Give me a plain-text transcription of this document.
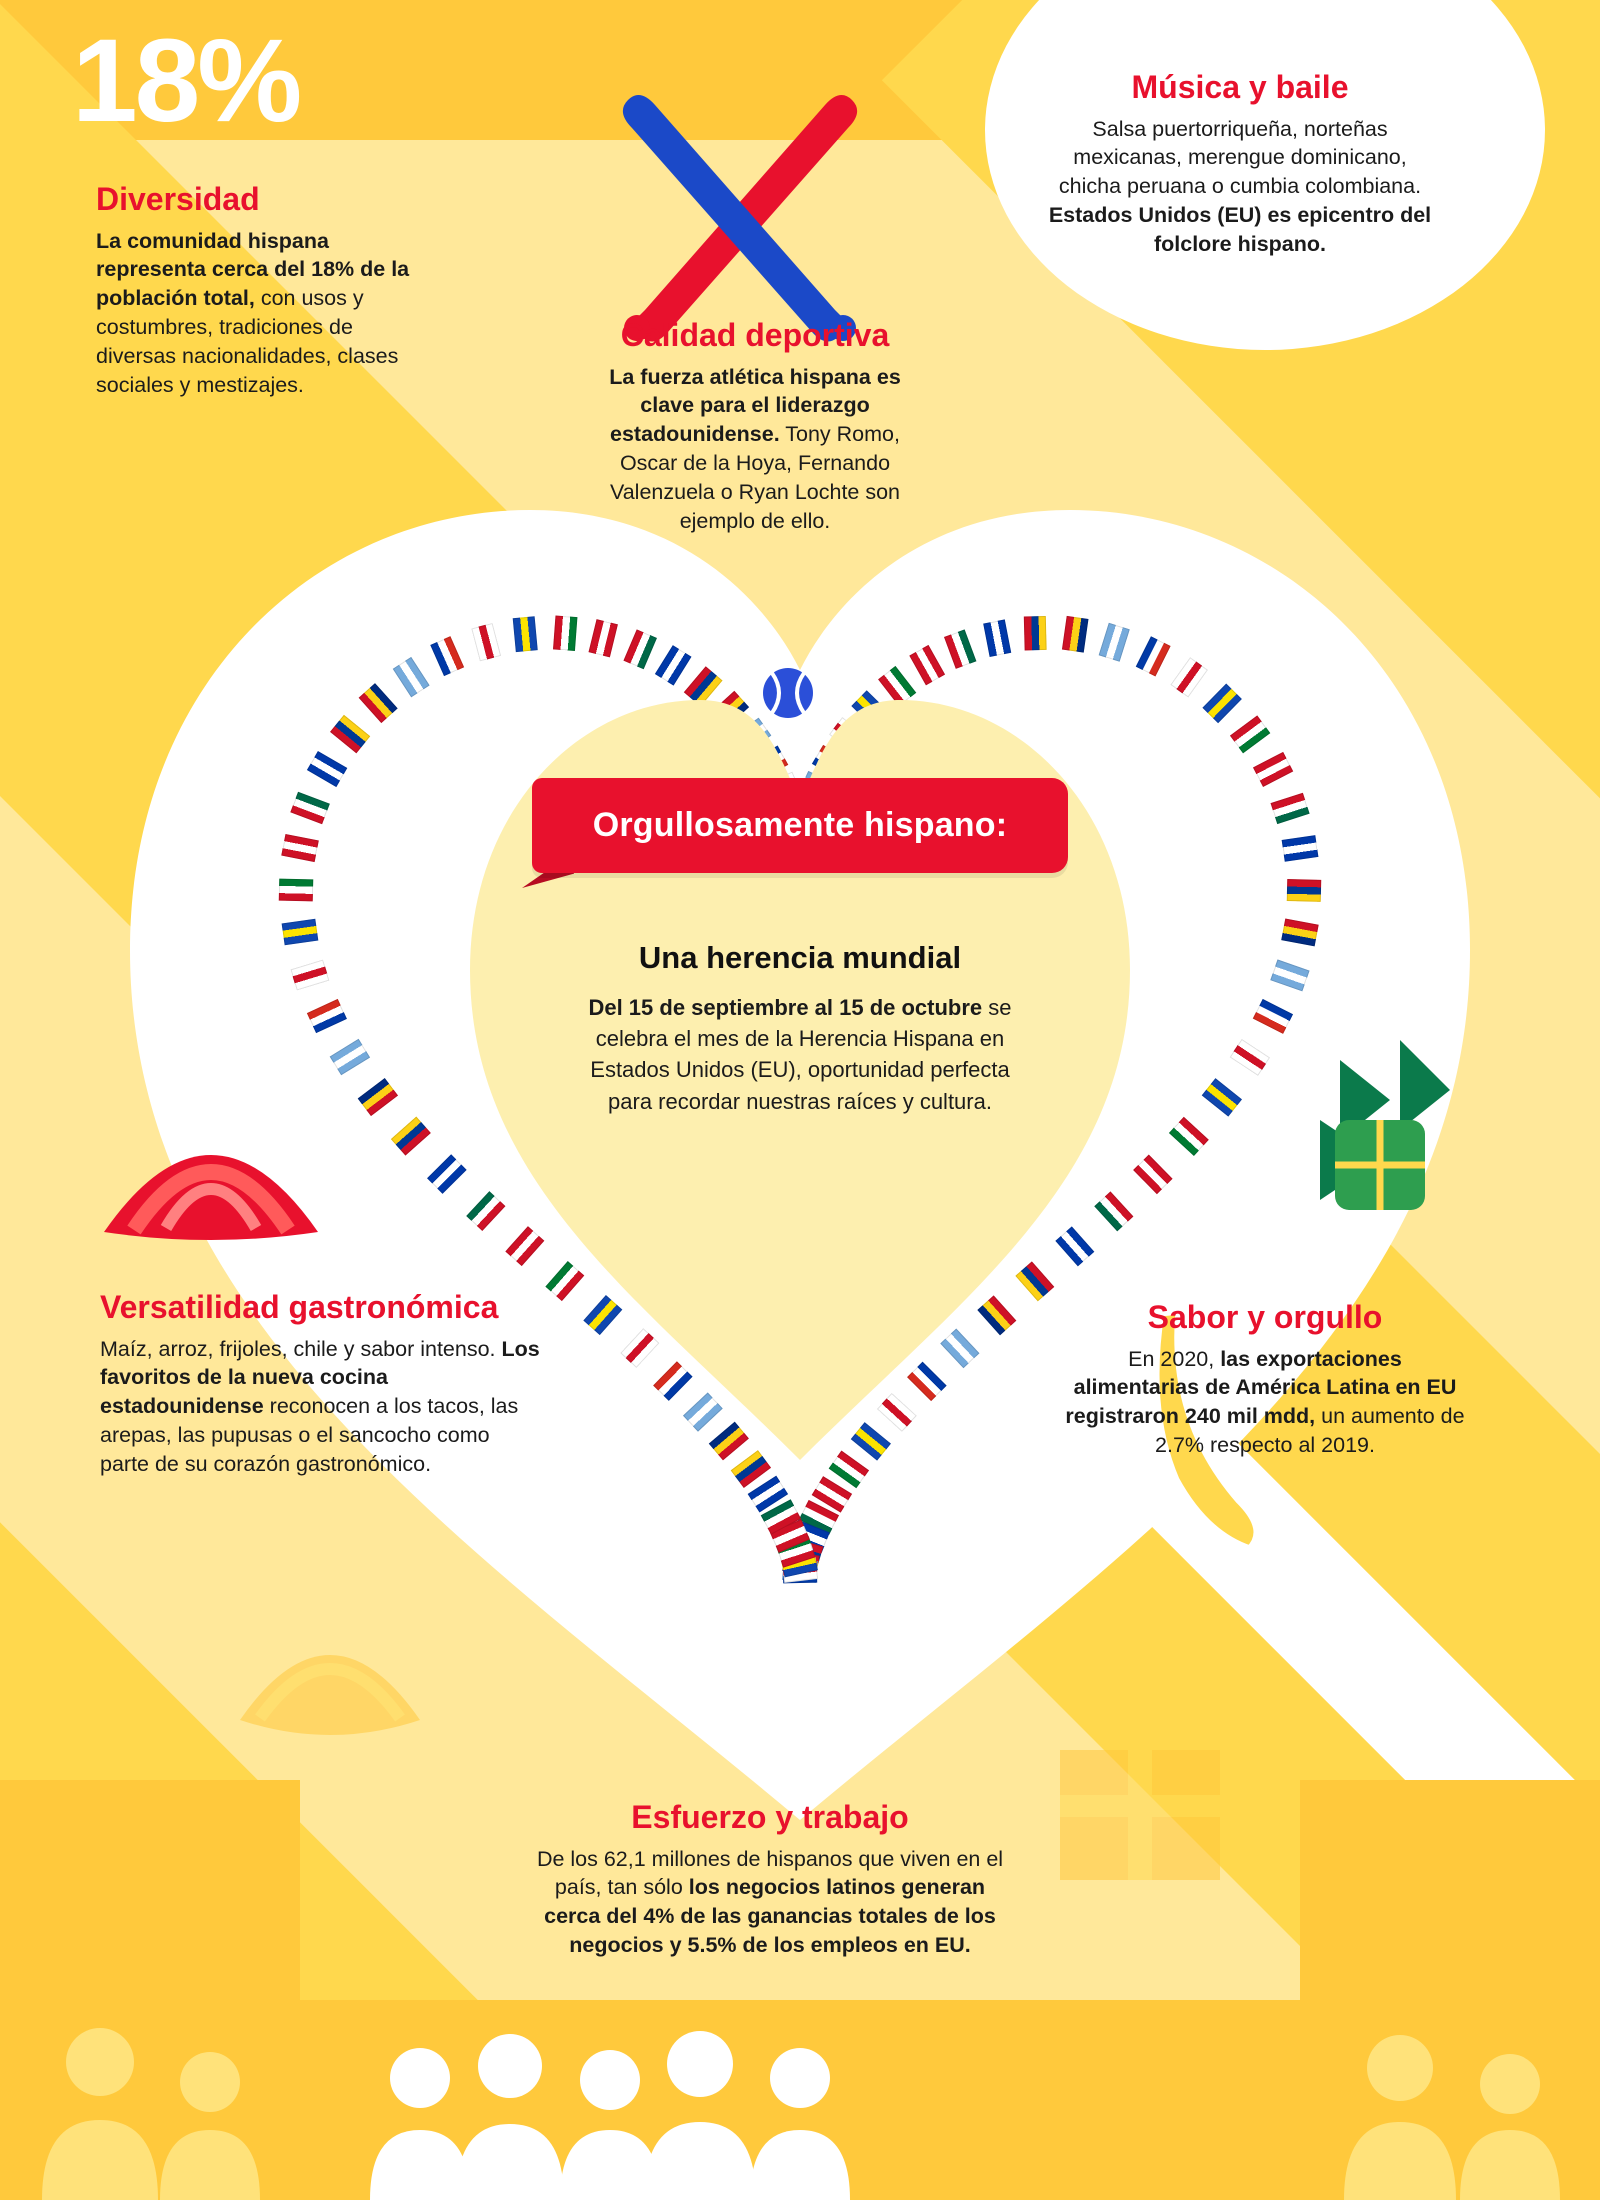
18%
Diversidad

La comunidad hispana representa cerca del 18% de la población total, con usos y costumbres, tradiciones de diversas nacionalidades, clases sociales y mestizajes.

Calidad deportiva

La fuerza atlética hispana es clave para el liderazgo estadounidense. Tony Romo, Oscar de la Hoya, Fernando Valenzuela o Ryan Lochte son ejemplo de ello.

Música y baile

Salsa puertorriqueña, norteñas mexicanas, merengue dominicano, chicha peruana o cumbia colombiana. Estados Unidos (EU) es epicentro del folclore hispano.

Versatilidad gastronómica

Maíz, arroz, frijoles, chile y sabor intenso. Los favoritos de la nueva cocina estadounidense reconocen a los tacos, las arepas, las pupusas o el sancocho como parte de su corazón gastronómico.

Sabor y orgullo

En 2020, las exportaciones alimentarias de América Latina en EU registraron 240 mil mdd, un aumento de 2.7% respecto al 2019.

Esfuerzo y trabajo

De los 62,1 millones de hispanos que viven en el país, tan sólo los negocios latinos generan cerca del 4% de las ganancias totales de los negocios y 5.5% de los empleos en EU.

Orgullosamente hispano:
Una herencia mundial

Del 15 de septiembre al 15 de octubre se celebra el mes de la Herencia Hispana en Estados Unidos (EU), oportunidad perfecta para recordar nuestras raíces y cultura.
